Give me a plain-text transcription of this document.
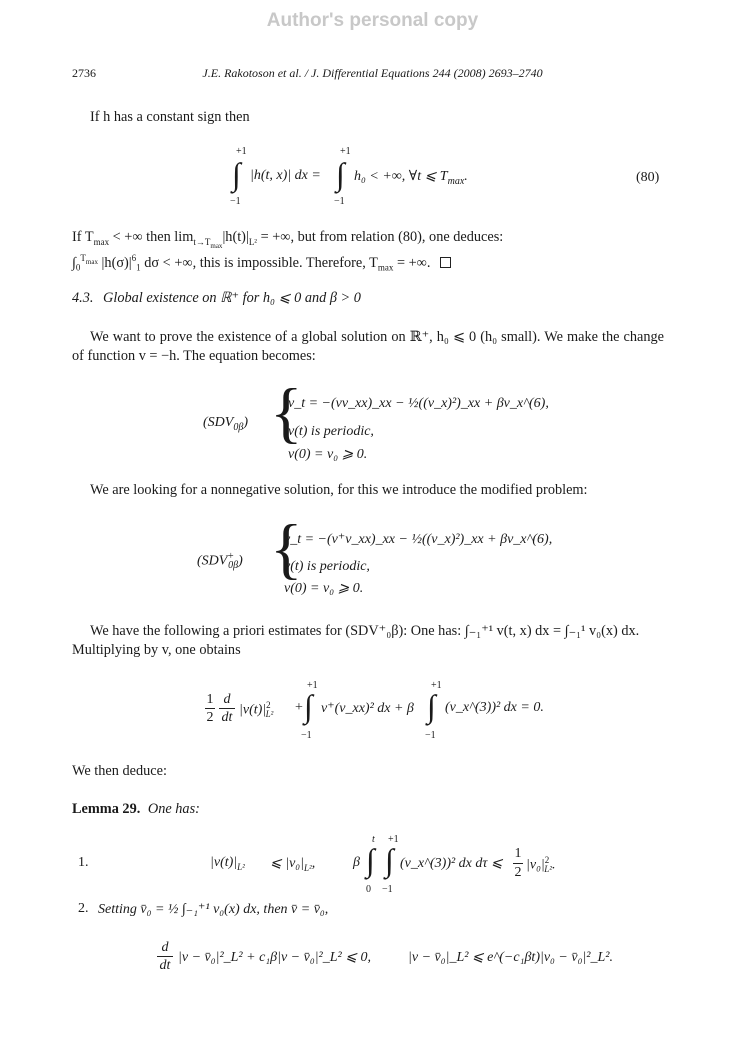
Author's personal copy
2736	J.E. Rakotoson et al. / J. Differential Equations 244 (2008) 2693–2740
If h has a constant sign then
+1
∫
−1
|h(t, x)| dx =
+1
∫
−1
h₀ < +∞, ∀t ⩽ $T_{max}$.	(80)
If $T_{max}$ < +∞ then $\lim_{t\to T_{max}}|h(t)|_{L^2}$ = +∞, but from relation (80), one deduces:
$\int_0^{T_{max}}$ $|h(\sigma)|^6_1$ dσ < +∞, this is impossible. Therefore, $T_{max}$ = +∞.
4.3. Global existence on ℝ⁺ for h₀ ⩽ 0 and β > 0
We want to prove the existence of a global solution on ℝ⁺, h₀ ⩽ 0 (h₀ small). We make the change of function v = −h. The equation becomes:
$(SDV_{0\beta})$ {
v_t = −(vv_xx)_xx − ½((v_x)²)_xx + βv_x^(6),
v(t) is periodic,
v(0) = v₀ ⩾ 0.
We are looking for a nonnegative solution, for this we introduce the modified problem:
$(SDV^+_{0\beta})$ {
v_t = −(v⁺v_xx)_xx − ½((v_x)²)_xx + βv_x^(6),
v(t) is periodic,
v(0) = v₀ ⩾ 0.
We have the following a priori estimates for (SDV⁺₀β): One has: ∫₋₁⁺¹ v(t, x) dx = ∫₋₁¹ v₀(x) dx.
Multiplying by v, one obtains
1
2
d
dt $|v(t)|^2_{L^2}$ +
+1
∫
−1
v⁺(v_xx)² dx + β
+1
∫
−1
(v_x^(3))² dx = 0.
We then deduce:
Lemma 29. One has:
1.	$|v(t)|_{L^2}$ ⩽ $|v_0|_{L^2}$,	β
t
∫
0
+1
∫
−1
(v_x^(3))² dx dτ ⩽
1
2 $|v_0|^2_{L^2}$.
2. Setting v̄₀ = ½ ∫₋₁⁺¹ v₀(x) dx, then v̄ = v̄₀,
d
dt
|v − v̄₀|²_L² + c₁β|v − v̄₀|²_L² ⩽ 0,	|v − v̄₀|_L² ⩽ e^(−c₁βt)|v₀ − v̄₀|²_L².
